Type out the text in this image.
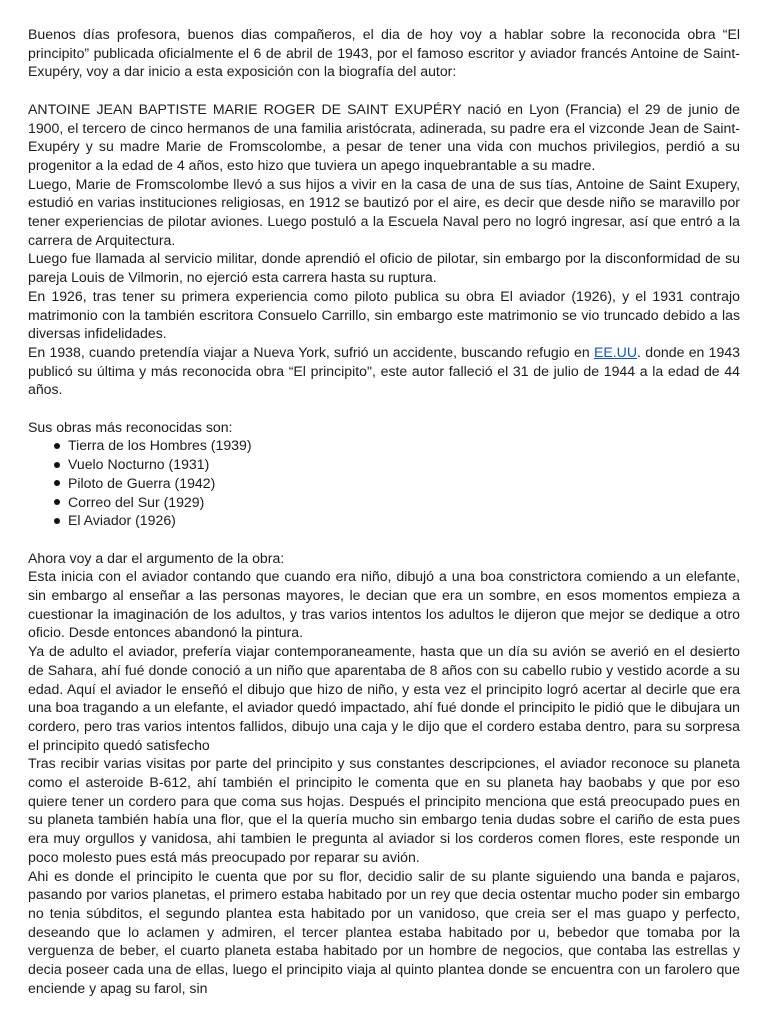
Buenos días profesora, buenos dias compañeros, el dia de hoy voy a hablar sobre la reconocida obra “El principito” publicada oficialmente el 6 de abril de 1943, por el famoso escritor y aviador francés Antoine de Saint-Exupéry, voy a dar inicio a esta exposición con la biografía del autor:

ANTOINE JEAN BAPTISTE MARIE ROGER DE SAINT EXUPÉRY nació en Lyon (Francia) el 29 de junio de 1900, el tercero de cinco hermanos de una familia aristócrata, adinerada, su padre era el vizconde Jean de Saint-Exupéry y su madre Marie de Fromscolombe, a pesar de tener una vida con muchos privilegios, perdió a su progenitor a la edad de 4 años, esto hizo que tuviera un apego inquebrantable a su madre.

Luego, Marie de Fromscolombe llevó a sus hijos a vivir en la casa de una de sus tías, Antoine de Saint Exupery, estudió en varias instituciones religiosas, en 1912 se bautizó por el aire, es decir que desde niño se maravillo por tener experiencias de pilotar aviones. Luego postuló a la Escuela Naval pero no logró ingresar, así que entró a la carrera de Arquitectura.

Luego fue llamada al servicio militar, donde aprendió el oficio de pilotar, sin embargo por la disconformidad de su pareja Louis de Vilmorin, no ejerció esta carrera hasta su ruptura.

En 1926, tras tener su primera experiencia como piloto publica su obra El aviador (1926), y el 1931 contrajo matrimonio con la también escritora Consuelo Carrillo, sin embargo este matrimonio se vio truncado debido a las diversas infidelidades.

En 1938, cuando pretendía viajar a Nueva York, sufrió un accidente, buscando refugio en EE.UU. donde en 1943 publicó su última y más reconocida obra “El principito", este autor falleció el 31 de julio de 1944 a la edad de 44 años.

Sus obras más reconocidas son:

Tierra de los Hombres (1939)
Vuelo Nocturno (1931)
Piloto de Guerra (1942)
Correo del Sur (1929)
El Aviador (1926)

Ahora voy a dar el argumento de la obra:

Esta inicia con el aviador contando que cuando era niño, dibujó a una boa constrictora comiendo a un elefante, sin embargo al enseñar a las personas mayores, le decian que era un sombre, en esos momentos empieza a cuestionar la imaginación de los adultos, y tras varios intentos los adultos le dijeron que mejor se dedique a otro oficio. Desde entonces abandonó la pintura.

Ya de adulto el aviador, prefería viajar contemporaneamente, hasta que un día su avión se averió en el desierto de Sahara, ahí fué donde conoció a un niño que aparentaba de 8 años con su cabello rubio y vestido acorde a su edad. Aquí el aviador le enseñó el dibujo que hizo de niño, y esta vez el principito logró acertar al decirle que era una boa tragando a un elefante, el aviador quedó impactado, ahí fué donde el principito le pidió que le dibujara un cordero, pero tras varios intentos fallidos, dibujo una caja y le dijo que el cordero estaba dentro, para su sorpresa el principito quedó satisfecho

Tras recibir varias visitas por parte del principito y sus constantes descripciones, el aviador reconoce su planeta como el asteroide B-612, ahí también el principito le comenta que en su planeta hay baobabs y que por eso quiere tener un cordero para que coma sus hojas. Después el principito menciona que está preocupado pues en su planeta también había una flor, que el la quería mucho sin embargo tenia dudas sobre el cariño de esta pues era muy orgullos y vanidosa, ahi tambien le pregunta al aviador si los corderos comen flores, este responde un poco molesto pues está más preocupado por reparar su avión.

Ahi es donde el principito le cuenta que por su flor, decidio salir de su plante siguiendo una banda e pajaros, pasando por varios planetas, el primero estaba habitado por un rey que decia ostentar mucho poder sin embargo no tenia súbditos, el segundo plantea esta habitado por un vanidoso, que creia ser el mas guapo y perfecto, deseando que lo aclamen y admiren, el tercer plantea estaba habitado por u, bebedor que tomaba por la verguenza de beber, el cuarto planeta estaba habitado por un hombre de negocios, que contaba las estrellas y decia poseer cada una de ellas, luego el principito viaja al quinto plantea donde se encuentra con un farolero que enciende y apag su farol, sin
